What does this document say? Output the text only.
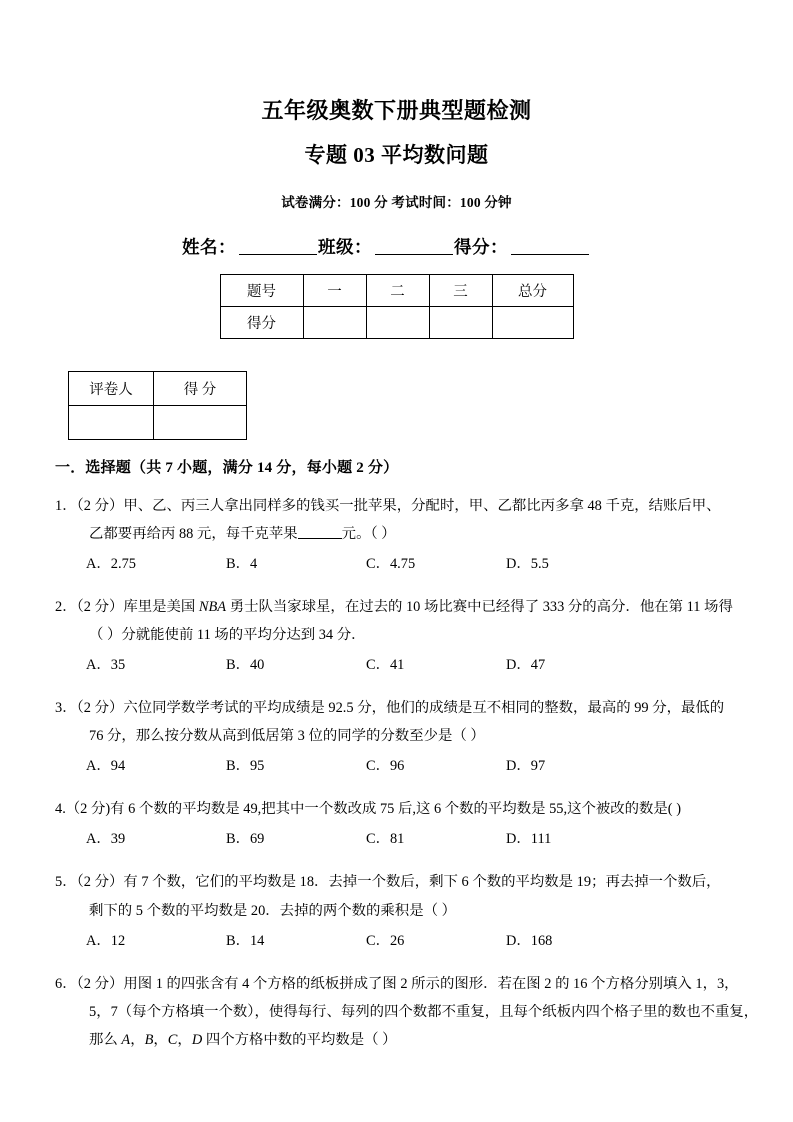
五年级奥数下册典型题检测
专题 03 平均数问题
试卷满分：100 分 考试时间：100 分钟
姓名：	班级：	得分：
题号	一	二	三	总分
得分				
评卷人	得 分

一．选择题（共 7 小题，满分 14 分，每小题 2 分）
1．（2 分）甲、乙、丙三人拿出同样多的钱买一批苹果，分配时，甲、乙都比丙多拿 48 千克，结账后甲、
乙都要再给丙 88 元，每千克苹果	元。（ ）
A．2.75	B．4	C．4.75	D．5.5
2．（2 分）库里是美国 NBA 勇士队当家球星，在过去的 10 场比赛中已经得了 333 分的高分．他在第 11 场得
（ ）分就能使前 11 场的平均分达到 34 分．
A．35	B．40	C．41	D．47
3．（2 分）六位同学数学考试的平均成绩是 92.5 分，他们的成绩是互不相同的整数，最高的 99 分，最低的
76 分，那么按分数从高到低居第 3 位的同学的分数至少是（ ）
A．94	B．95	C．96	D．97
4.（2 分)有 6 个数的平均数是 49,把其中一个数改成 75 后,这 6 个数的平均数是 55,这个被改的数是( )
A．39	B．69	C．81	D．111
5．（2 分）有 7 个数，它们的平均数是 18．去掉一个数后，剩下 6 个数的平均数是 19；再去掉一个数后，
剩下的 5 个数的平均数是 20．去掉的两个数的乘积是（ ）
A．12	B．14	C．26	D．168
6．（2 分）用图 1 的四张含有 4 个方格的纸板拼成了图 2 所示的图形．若在图 2 的 16 个方格分别填入 1，3，
5，7（每个方格填一个数），使得每行、每列的四个数都不重复，且每个纸板内四个格子里的数也不重复，
那么 A，B，C，D 四个方格中数的平均数是（ ）
